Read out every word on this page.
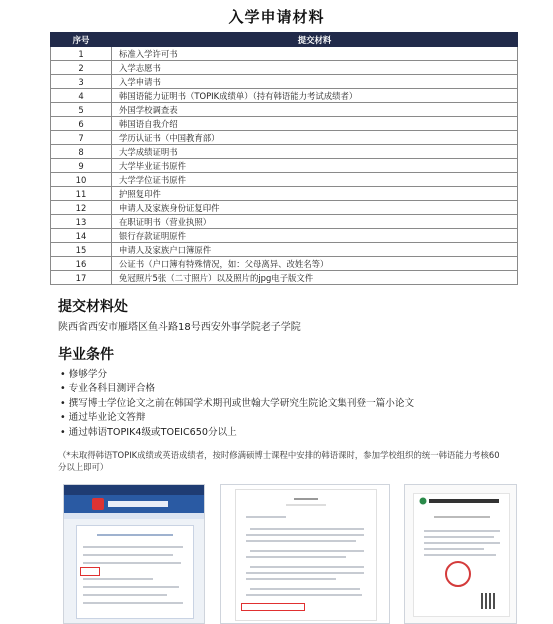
入学申请材料
序号	提交材料
1	标准入学许可书
2	入学志愿书
3	入学申请书
4	韩国语能力证明书（TOPIK成绩单）（持有韩语能力考试成绩者）
5	外国学校调查表
6	韩国语自我介绍
7	学历认证书（中国教育部）
8	大学成绩证明书
9	大学毕业证书原件
10	大学学位证书原件
11	护照复印件
12	申请人及家族身份证复印件
13	在职证明书（营业执照）
14	银行存款证明原件
15	申请人及家族户口簿原件
16	公证书（户口簿有特殊情况，如：父母离异、改姓名等）
17	免冠照片5张（二寸照片）以及照片的jpg电子版文件
提交材料处
陕西省西安市雁塔区鱼斗路18号西安外事学院老子学院
毕业条件
• 修够学分
• 专业各科目测评合格
• 撰写博士学位论文之前在韩国学术期刊或世翰大学研究生院论文集刊登一篇小论文
• 通过毕业论文答辩
• 通过韩语TOPIK4级或TOEIC650分以上
（*未取得韩语TOPIK成绩或英语成绩者，按时修满硕博士课程中安排的韩语课时，参加学校组织的统一韩语能力考核60分以上即可）
